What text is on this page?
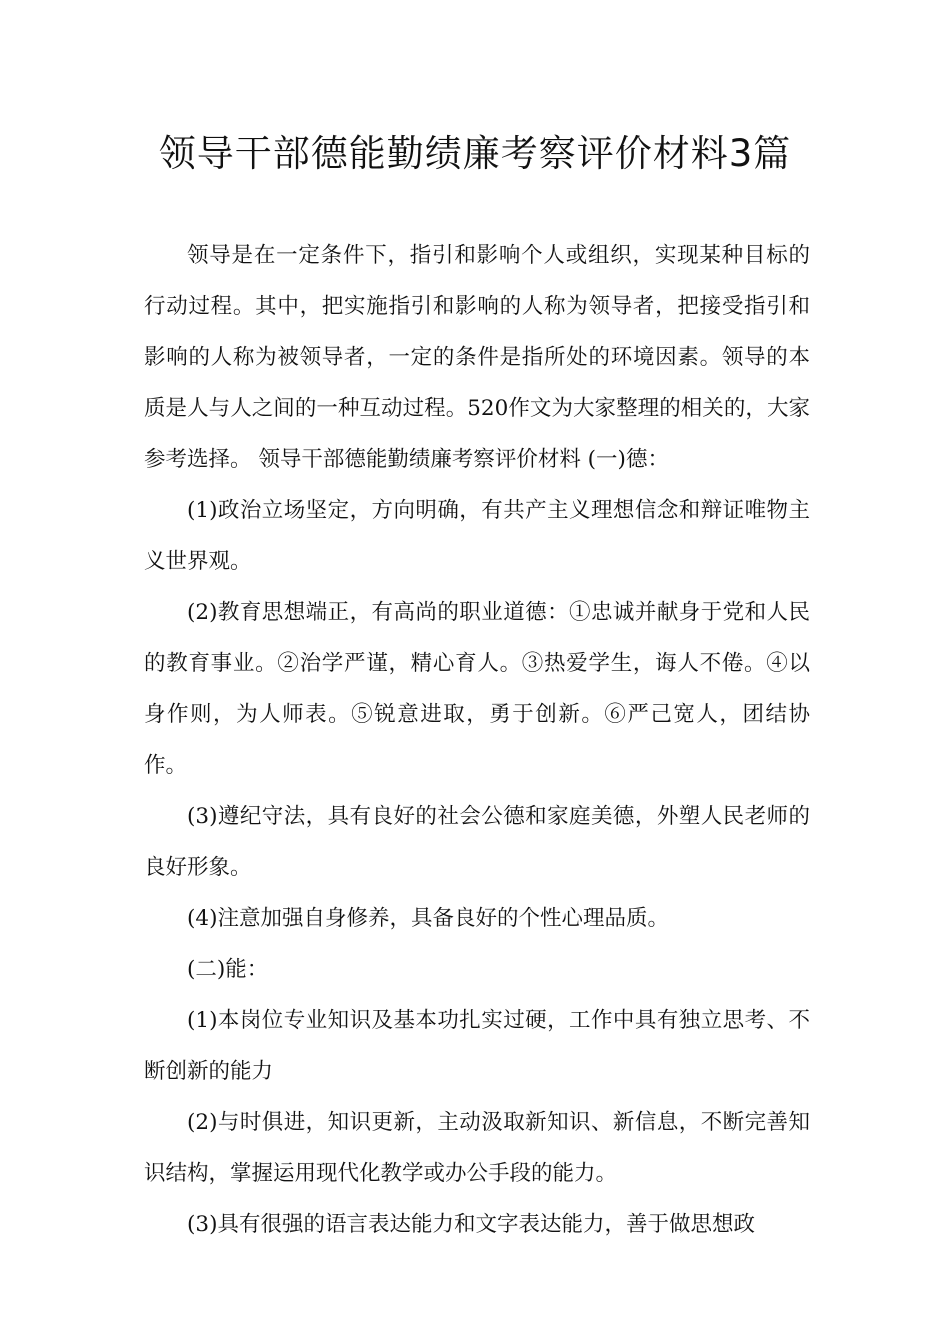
领导干部德能勤绩廉考察评价材料3篇

领导是在一定条件下，指引和影响个人或组织，实现某种目标的行动过程。其中，把实施指引和影响的人称为领导者，把接受指引和影响的人称为被领导者，一定的条件是指所处的环境因素。领导的本质是人与人之间的一种互动过程。520作文为大家整理的相关的，大家参考选择。 领导干部德能勤绩廉考察评价材料 (一)德：

(1)政治立场坚定，方向明确，有共产主义理想信念和辩证唯物主义世界观。

(2)教育思想端正，有高尚的职业道德：①忠诚并献身于党和人民的教育事业。②治学严谨，精心育人。③热爱学生，诲人不倦。④以身作则，为人师表。⑤锐意进取，勇于创新。⑥严己宽人，团结协作。

(3)遵纪守法，具有良好的社会公德和家庭美德，外塑人民老师的良好形象。

(4)注意加强自身修养，具备良好的个性心理品质。

(二)能：

(1)本岗位专业知识及基本功扎实过硬，工作中具有独立思考、不断创新的能力

(2)与时俱进，知识更新，主动汲取新知识、新信息，不断完善知识结构，掌握运用现代化教学或办公手段的能力。

(3)具有很强的语言表达能力和文字表达能力，善于做思想政
